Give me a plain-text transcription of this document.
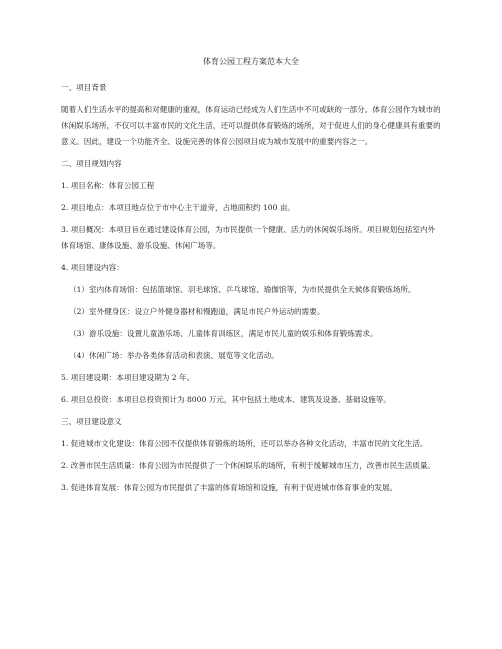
体育公园工程方案范本大全
一、项目背景
随着人们生活水平的提高和对健康的重视，体育运动已经成为人们生活中不可或缺的一部分。体育公园作为城市的休闲娱乐场所，不仅可以丰富市民的文化生活，还可以提供体育锻炼的场所，对于促进人们的身心健康具有重要的意义。因此，建设一个功能齐全、设施完善的体育公园项目成为城市发展中的重要内容之一。
二、项目规划内容
1. 项目名称：体育公园工程
2. 项目地点：本项目地点位于市中心主干道旁，占地面积约 100 亩。
3. 项目概况：本项目旨在通过建设体育公园，为市民提供一个健康、活力的休闲娱乐场所。项目规划包括室内外体育场馆、康体设施、游乐设施、休闲广场等。
4. 项目建设内容：
（1）室内体育场馆：包括篮球馆、羽毛球馆、乒乓球馆、瑜伽馆等，为市民提供全天候体育锻炼场所。
（2）室外健身区：设立户外健身器材和慢跑道，满足市民户外运动的需要。
（3）游乐设施：设置儿童游乐场、儿童体育训练区，满足市民儿童的娱乐和体育锻炼需求。
（4）休闲广场：举办各类体育活动和表演、展览等文化活动。
5. 项目建设期：本项目建设期为 2 年。
6. 项目总投资：本项目总投资预计为 8000 万元，其中包括土地成本、建筑及设备、基础设施等。
三、项目建设意义
1. 促进城市文化建设：体育公园不仅提供体育锻炼的场所，还可以举办各种文化活动，丰富市民的文化生活。
2. 改善市民生活质量：体育公园为市民提供了一个休闲娱乐的场所，有利于缓解城市压力，改善市民生活质量。
3. 促进体育发展：体育公园为市民提供了丰富的体育场馆和设施，有利于促进城市体育事业的发展。
